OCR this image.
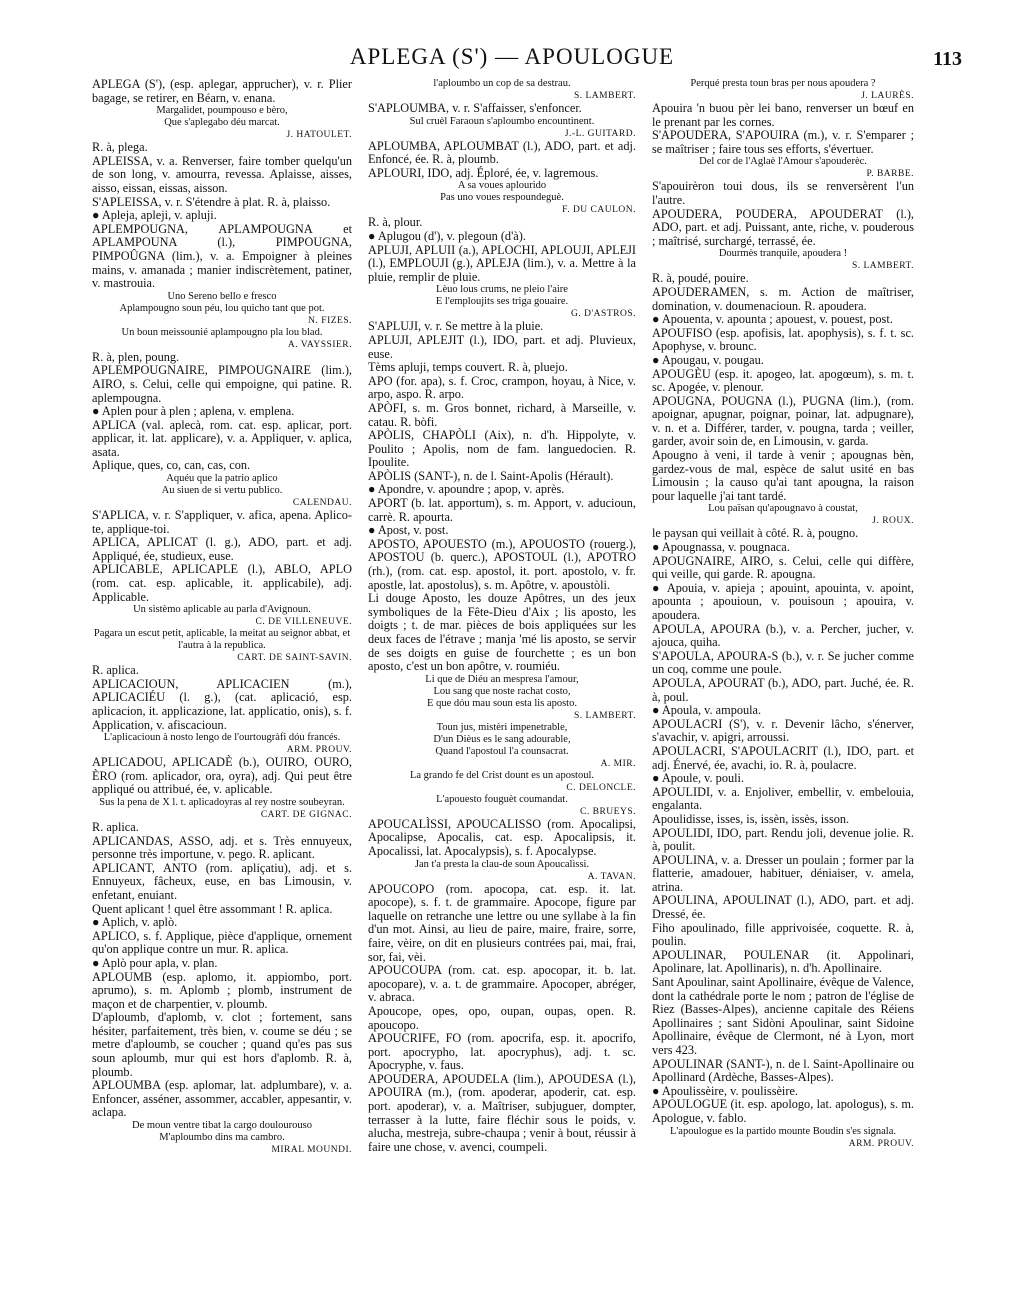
APLEGA (S') — APOULOGUE	113

APLEGA (S'), (esp. aplegar, apprucher), v. r. Plier bagage, se retirer, en Béarn, v. enana.

Margalidet, poumpouso e bèro,

Que s'aplegabo déu marcat.

J. HATOULET.

R. à, plega.

APLEISSA, v. a. Renverser, faire tomber quelqu'un de son long, v. amourra, revessa. Aplaisse, aisses, aisso, eissan, eissas, aisson.

S'APLEISSA, v. r. S'étendre à plat. R. à, plaisso.

● Apleja, apleji, v. apluji.

APLEMPOUGNA, APLAMPOUGNA et APLAMPOUNA (l.), PIMPOUGNA, PIMPOÛGNA (lim.), v. a. Empoigner à pleines mains, v. amanada ; manier indiscrètement, patiner, v. mastrouia.

Uno Sereno bello e fresco

Aplampougno soun péu, lou quicho tant que pot.

N. FIZES.

Un boun meissounié aplampougno pla lou blad.

A. VAYSSIER.

R. à, plen, poung.

APLEMPOUGNAIRE, PIMPOUGNAIRE (lim.), AIRO, s. Celui, celle qui empoigne, qui patine. R. aplempougna.

● Aplen pour à plen ; aplena, v. emplena.

APLICA (val. aplecà, rom. cat. esp. aplicar, port. applicar, it. lat. applicare), v. a. Appliquer, v. aplica, asata.

Aplique, ques, co, can, cas, con.

Aquéu que la patrio aplico

Au siuen de si vertu publico.

CALENDAU.

S'APLICA, v. r. S'appliquer, v. afica, apena. Aplico-te, applique-toi.

APLICA, APLICAT (l. g.), ADO, part. et adj. Appliqué, ée, studieux, euse.

APLICABLE, APLICAPLE (l.), ABLO, APLO (rom. cat. esp. aplicable, it. applicabile), adj. Applicable.

Un sistèmo aplicable au parla d'Avignoun.

C. DE VILLENEUVE.

Pagara un escut petit, aplicable, la meitat au seignor abbat, et l'autra à la republica.

CART. DE SAINT-SAVIN.

R. aplica.

APLICACIOUN, APLICACIEN (m.), APLICACIÉU (l. g.), (cat. aplicació, esp. aplicacion, it. applicazione, lat. applicatio, onis), s. f. Application, v. afiscacioun.

L'aplicacioun à nosto lengo de l'ourtougràfi dóu francés.

ARM. PROUV.

APLICADOU, APLICADÈ (b.), OUIRO, OURO, ÈRO (rom. aplicador, ora, oyra), adj. Qui peut être appliqué ou attribué, ée, v. aplicable.

Sus la pena de X l. t. aplicadoyras al rey nostre soubeyran.

CART. DE GIGNAC.

R. aplica.

APLICANDAS, ASSO, adj. et s. Très ennuyeux, personne très importune, v. pego. R. aplicant.

APLICANT, ANTO (rom. apliçatiu), adj. et s. Ennuyeux, fâcheux, euse, en bas Limousin, v. enfetant, enuiant.

Quent aplicant ! quel être assommant ! R. aplica.

● Aplich, v. aplò.

APLICO, s. f. Applique, pièce d'applique, ornement qu'on applique contre un mur. R. aplica.

● Aplò pour apla, v. plan.

APLOUMB (esp. aplomo, it. appiombo, port. aprumo), s. m. Aplomb ; plomb, instrument de maçon et de charpentier, v. ploumb.

D'aploumb, d'aplomb, v. clot ; fortement, sans hésiter, parfaitement, très bien, v. coume se déu ; se metre d'aploumb, se coucher ; quand qu'es pas sus soun aploumb, mur qui est hors d'aplomb. R. à, ploumb.

APLOUMBA (esp. aplomar, lat. adplumbare), v. a. Enfoncer, asséner, assommer, accabler, appesantir, v. aclapa.

De moun ventre tibat la cargo doulourouso

M'aploumbo dins ma cambro.

MIRAL MOUNDI.

l'aploumbo un cop de sa destrau.

S. LAMBERT.

S'APLOUMBA, v. r. S'affaisser, s'enfoncer.

Sul cruèl Faraoun s'aploumbo encountinent.

J.-L. GUITARD.

APLOUMBA, APLOUMBAT (l.), ADO, part. et adj. Enfoncé, ée. R. à, ploumb.

APLOURI, IDO, adj. Éploré, ée, v. lagremous.

A sa voues aplourido

Pas uno voues respoundeguè.

F. DU CAULON.

R. à, plour.

● Aplugou (d'), v. plegoun (d'à).

APLUJI, APLUII (a.), APLOCHI, APLOUJI, APLEJI (l.), EMPLOUJI (g.), APLEJA (lim.), v. a. Mettre à la pluie, remplir de pluie.

Lèuo lous crums, ne pleio l'aire

E l'emploujits ses triga gouaire.

G. D'ASTROS.

S'APLUJI, v. r. Se mettre à la pluie.

APLUJI, APLEJIT (l.), IDO, part. et adj. Pluvieux, euse.

Tèms apluji, temps couvert. R. à, pluejo.

APO (for. apa), s. f. Croc, crampon, hoyau, à Nice, v. arpo, aspo. R. arpo.

APÒFI, s. m. Gros bonnet, richard, à Marseille, v. catau. R. bòfi.

APÒLIS, CHAPÒLI (Aix), n. d'h. Hippolyte, v. Poulito ; Apolis, nom de fam. languedocien. R. Ipoulite.

APÒLIS (SANT-), n. de l. Saint-Apolis (Hérault).

● Apondre, v. apoundre ; apop, v. après.

APORT (b. lat. apportum), s. m. Apport, v. aducioun, carrè. R. apourta.

● Apost, v. post.

APOSTO, APOUESTO (m.), APOUOSTO (rouerg.), APOSTOU (b. querc.), APOSTOUL (l.), APOTRO (rh.), (rom. cat. esp. apostol, it. port. apostolo, v. fr. apostle, lat. apostolus), s. m. Apôtre, v. apoustòli.

Li douge Aposto, les douze Apôtres, un des jeux symboliques de la Fête-Dieu d'Aix ; lis aposto, les doigts ; t. de mar. pièces de bois appliquées sur les deux faces de l'étrave ; manja 'mé lis aposto, se servir de ses doigts en guise de fourchette ; es un bon aposto, c'est un bon apôtre, v. roumiéu.

Li que de Diéu an mespresa l'amour,

Lou sang que noste rachat costo,

E que dóu mau soun esta lis aposto.

S. LAMBERT.

Toun jus, mistèri impenetrable,

D'un Dièus es le sang adourable,

Quand l'apostoul l'a counsacrat.

A. MIR.

La grando fe del Crist dount es un apostoul.

C. DELONCLE.

L'apouesto fouguèt coumandat.

C. BRUEYS.

APOUCALÌSSI, APOUCALISSO (rom. Apocalipsi, Apocalipse, Apocalis, cat. esp. Apocalipsis, it. Apocalissi, lat. Apocalypsis), s. f. Apocalypse.

Jan t'a presta la clau-de soun Apoucalìssi.

A. TAVAN.

APOUCOPO (rom. apocopa, cat. esp. it. lat. apocope), s. f. t. de grammaire. Apocope, figure par laquelle on retranche une lettre ou une syllabe à la fin d'un mot. Ainsi, au lieu de paire, maire, fraire, sorre, faire, vèire, on dit en plusieurs contrées pai, mai, frai, sor, fai, vèi.

APOUCOUPA (rom. cat. esp. apocopar, it. b. lat. apocopare), v. a. t. de grammaire. Apocoper, abréger, v. abraca.

Apoucope, opes, opo, oupan, oupas, open. R. apoucopo.

APOUCRIFE, FO (rom. apocrifa, esp. it. apocrifo, port. apocrypho, lat. apocryphus), adj. t. sc. Apocryphe, v. faus.

APOUDERA, APOUDELA (lim.), APOUDESA (l.), APOUIRA (m.), (rom. apoderar, apoderir, cat. esp. port. apoderar), v. a. Maîtriser, subjuguer, dompter, terrasser à la lutte, faire fléchir sous le poids, v. alucha, mestreja, subre-chaupa ; venir à bout, réussir à faire une chose, v. avenci, coumpeli.

Perqué presta toun bras per nous apoudera ?

J. LAURÈS.

Apouira 'n buou pèr lei bano, renverser un bœuf en le prenant par les cornes.

S'APOUDERA, S'APOUIRA (m.), v. r. S'emparer ; se maîtriser ; faire tous ses efforts, s'évertuer.

Del cor de l'Aglaè l'Amour s'apouderèc.

P. BARBE.

S'apouirèron toui dous, ils se renversèrent l'un l'autre.

APOUDERA, POUDERA, APOUDERAT (l.), ADO, part. et adj. Puissant, ante, riche, v. pouderous ; maîtrisé, surchargé, terrassé, ée.

Dourmès tranquile, apoudera !

S. LAMBERT.

R. à, poudé, pouire.

APOUDERAMEN, s. m. Action de maîtriser, domination, v. doumenacioun. R. apoudera.

● Apouenta, v. apounta ; apouest, v. pouest, post.

APOUFISO (esp. apofisis, lat. apophysis), s. f. t. sc. Apophyse, v. brounc.

● Apougau, v. pougau.

APOUGÈU (esp. it. apogeo, lat. apogœum), s. m. t. sc. Apogée, v. plenour.

APOUGNA, POUGNA (l.), PUGNA (lim.), (rom. apoignar, apugnar, poignar, poinar, lat. adpugnare), v. n. et a. Différer, tarder, v. pougna, tarda ; veiller, garder, avoir soin de, en Limousin, v. garda.

Apougno à veni, il tarde à venir ; apougnas bèn, gardez-vous de mal, espèce de salut usité en bas Limousin ; la causo qu'ai tant apougna, la raison pour laquelle j'ai tant tardé.

Lou païsan qu'apougnavo à coustat,

J. ROUX.

le paysan qui veillait à côté. R. à, pougno.

● Apougnassa, v. pougnaca.

APOUGNAIRE, AIRO, s. Celui, celle qui diffère, qui veille, qui garde. R. apougna.

● Apouia, v. apieja ; apouint, apouinta, v. apoint, apounta ; apouioun, v. pouisoun ; apouira, v. apoudera.

APOULA, APOURA (b.), v. a. Percher, jucher, v. ajouca, quiha.

S'APOULA, APOURA-S (b.), v. r. Se jucher comme un coq, comme une poule.

APOULA, APOURAT (b.), ADO, part. Juché, ée. R. à, poul.

● Apoula, v. ampoula.

APOULACRI (S'), v. r. Devenir lâcho, s'énerver, s'avachir, v. apigri, arroussi.

APOULACRI, S'APOULACRIT (l.), IDO, part. et adj. Énervé, ée, avachi, io. R. à, poulacre.

● Apoule, v. pouli.

APOULIDI, v. a. Enjoliver, embellir, v. embelouia, engalanta.

Apoulidisse, isses, is, issèn, issès, isson.

APOULIDI, IDO, part. Rendu joli, devenue jolie. R. à, poulit.

APOULINA, v. a. Dresser un poulain ; former par la flatterie, amadouer, habituer, déniaiser, v. amela, atrina.

APOULINA, APOULINAT (l.), ADO, part. et adj. Dressé, ée.

Fiho apoulinado, fille apprivoisée, coquette. R. à, poulin.

APOULINAR, POULENAR (it. Appolinari, Apolinare, lat. Apollinaris), n. d'h. Apollinaire.

Sant Apoulinar, saint Apollinaire, évêque de Valence, dont la cathédrale porte le nom ; patron de l'église de Riez (Basses-Alpes), ancienne capitale des Réiens Apollinaires ; sant Sidòni Apoulinar, saint Sidoine Apollinaire, évêque de Clermont, né à Lyon, mort vers 423.

APOULINAR (SANT-), n. de l. Saint-Apollinaire ou Apollinard (Ardèche, Basses-Alpes).

● Apoulissèire, v. poulissèire.

APOULOGUE (it. esp. apologo, lat. apologus), s. m. Apologue, v. fablo.

L'apoulogue es la partido mounte Boudin s'es signala.

ARM. PROUV.
